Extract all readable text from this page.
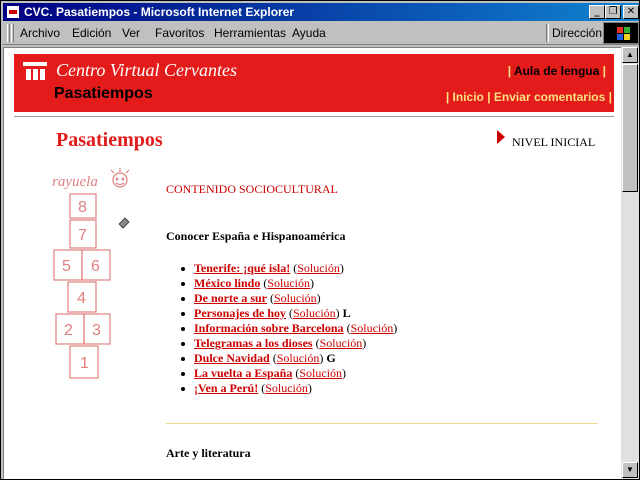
CVC. Pasatiempos - Microsoft Internet Explorer	_ ❐ ✕
Archivo Edición Ver Favoritos Herramientas Ayuda	Dirección
Centro Virtual Cervantes
Pasatiempos
| Aula de lengua |
| Inicio | Enviar comentarios |
Pasatiempos	NIVEL INICIAL
rayuela
8
7
5 6
4
2 3
1
CONTENIDO SOCIOCULTURAL
Conocer España e Hispanoamérica
Tenerife: ¡qué isla! (Solución)
México lindo (Solución)
De norte a sur (Solución)
Personajes de hoy (Solución) L
Información sobre Barcelona (Solución)
Telegramas a los dioses (Solución)
Dulce Navidad (Solución) G
La vuelta a España (Solución)
¡Ven a Perú! (Solución)
Arte y literatura
▲
▼
